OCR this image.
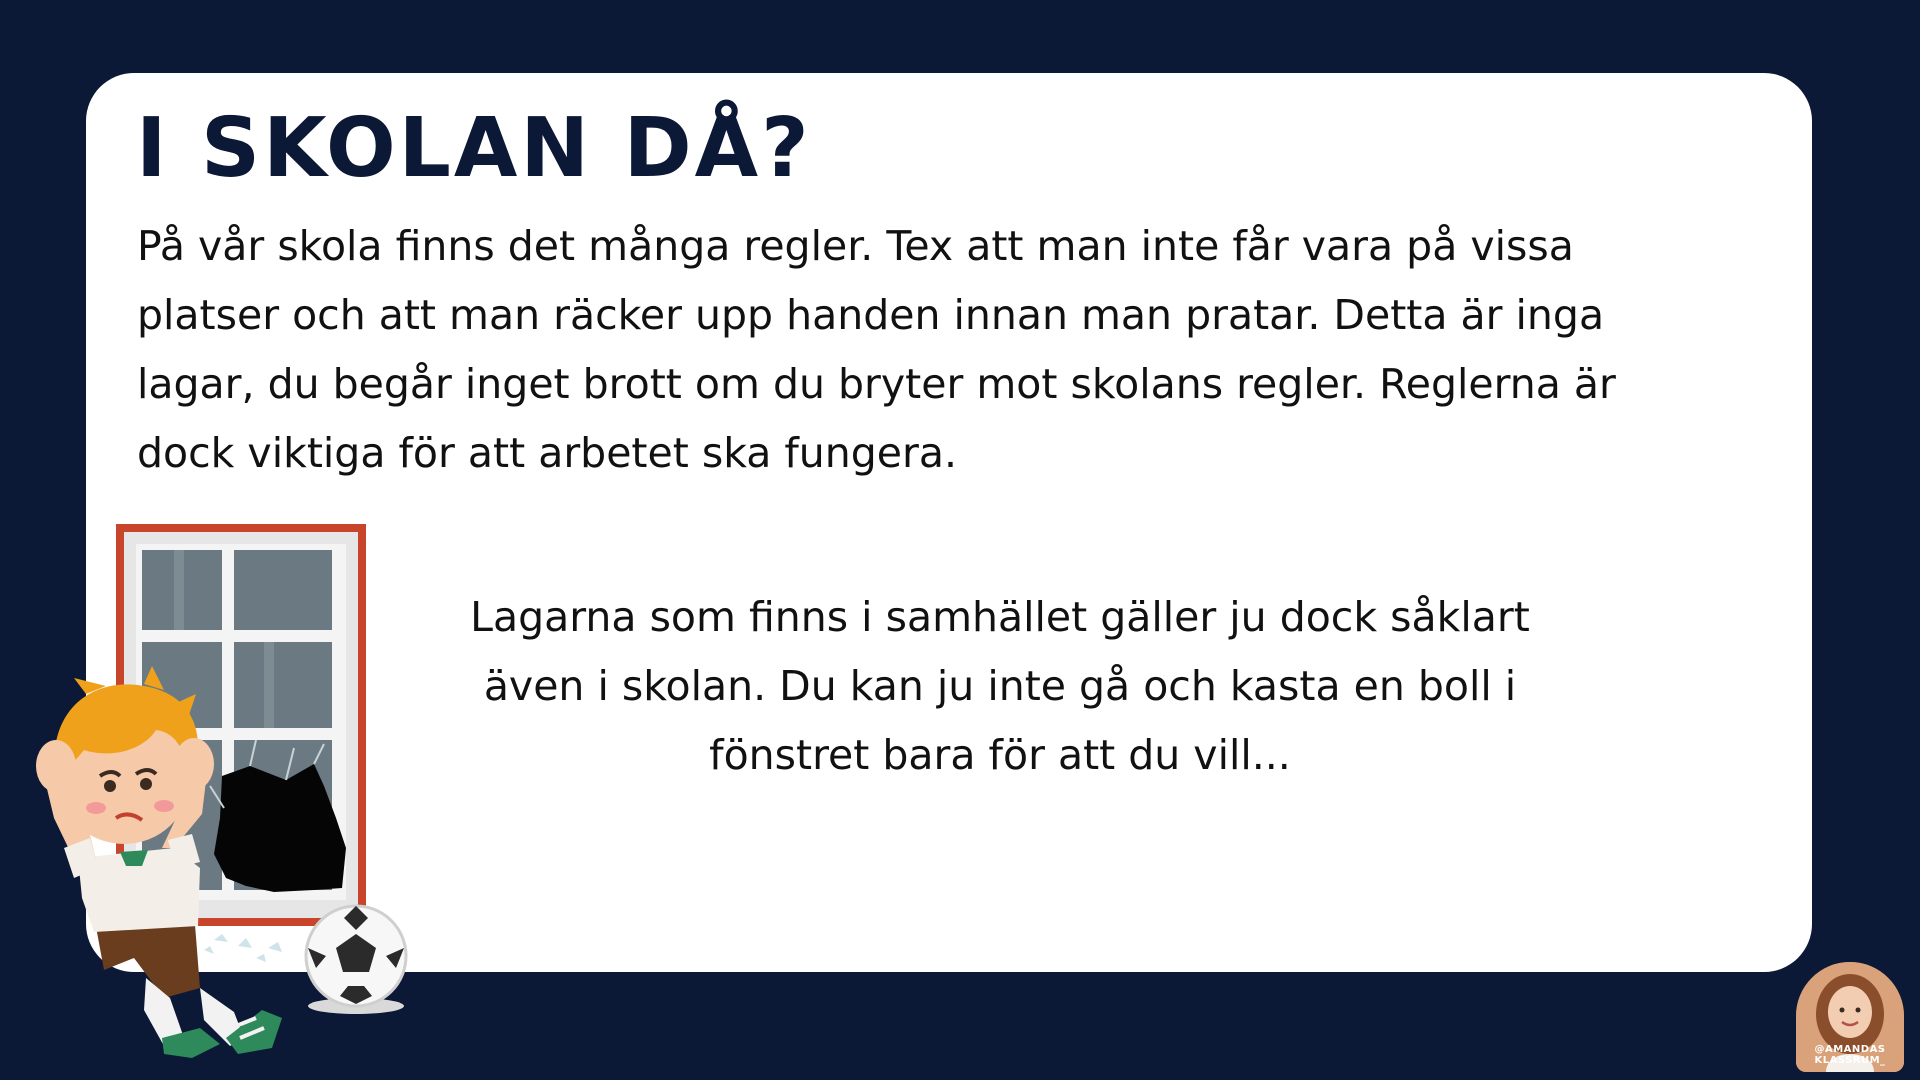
I SKOLAN DÅ?

På vår skola finns det många regler. Tex att man inte får vara på vissa platser och att man räcker upp handen innan man pratar. Detta är inga lagar, du begår inget brott om du bryter mot skolans regler. Reglerna är dock viktiga för att arbetet ska fungera.

Lagarna som finns i samhället gäller ju dock såklart även i skolan. Du kan ju inte gå och kasta en boll i fönstret bara för att du vill...

@AMANDAS
KLASSRUM_
